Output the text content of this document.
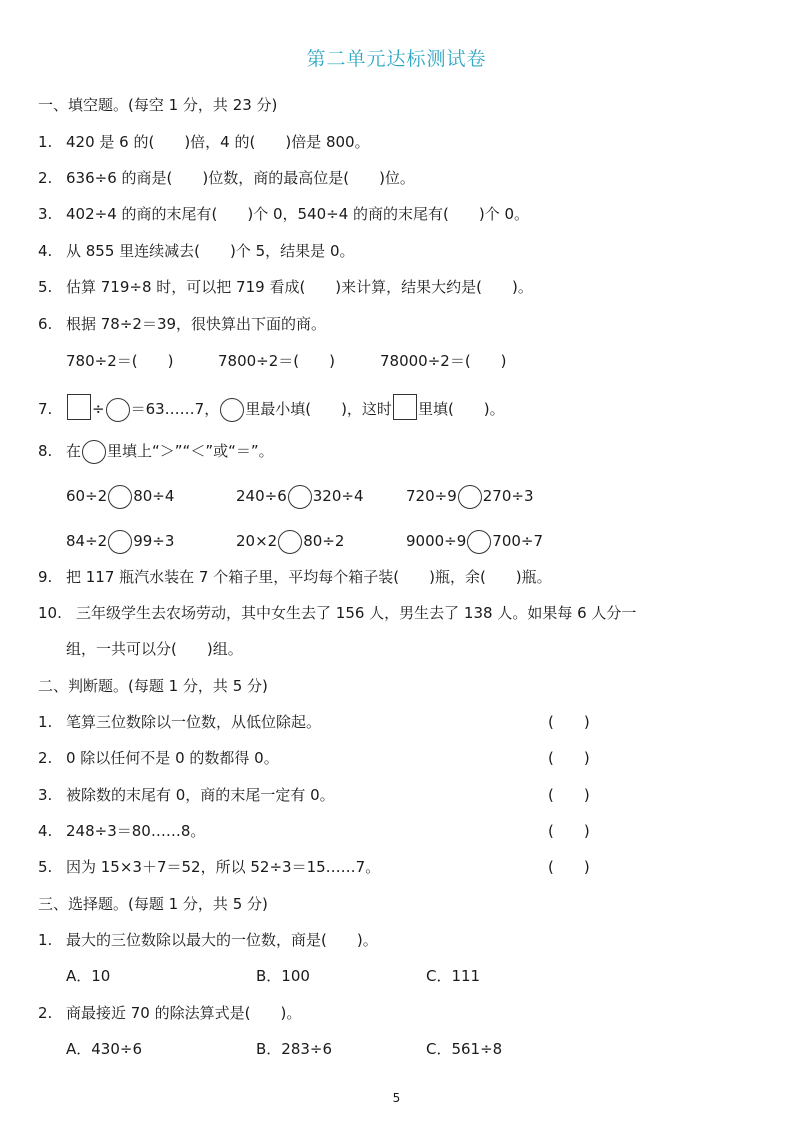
第二单元达标测试卷
一、填空题。(每空 1 分，共 23 分)
1. 420 是 6 的(　　)倍，4 的(　　)倍是 800。
2. 636÷6 的商是(　　)位数，商的最高位是(　　)位。
3. 402÷4 的商的末尾有(　　)个 0，540÷4 的商的末尾有(　　)个 0。
4. 从 855 里连续减去(　　)个 5，结果是 0。
5. 估算 719÷8 时，可以把 719 看成(　　)来计算，结果大约是(　　)。
6. 根据 78÷2＝39，很快算出下面的商。
780÷2＝(　　)	7800÷2＝(　　)	78000÷2＝(　　)
7.	÷ ＝63……7， 里最小填(　　)，这时 里填(　　)。
8. 在 里填上“＞”“＜”或“＝”。
60÷2 80÷4	240÷6 320÷4	720÷9 270÷3
84÷2 99÷3	20×2 80÷2	9000÷9 700÷7
9. 把 117 瓶汽水装在 7 个箱子里，平均每个箱子装(　　)瓶，余(　　)瓶。
10. 三年级学生去农场劳动，其中女生去了 156 人，男生去了 138 人。如果每 6 人分一
组，一共可以分(　　)组。
二、判断题。(每题 1 分，共 5 分)
1. 笔算三位数除以一位数，从低位除起。	(　　)
2. 0 除以任何不是 0 的数都得 0。	(　　)
3. 被除数的末尾有 0，商的末尾一定有 0。	(　　)
4. 248÷3＝80……8。	(　　)
5. 因为 15×3＋7＝52，所以 52÷3＝15……7。	(　　)
三、选择题。(每题 1 分，共 5 分)
1. 最大的三位数除以最大的一位数，商是(　　)。
A．10	B．100	C．111
2. 商最接近 70 的除法算式是(　　)。
A．430÷6	B．283÷6	C．561÷8
5
